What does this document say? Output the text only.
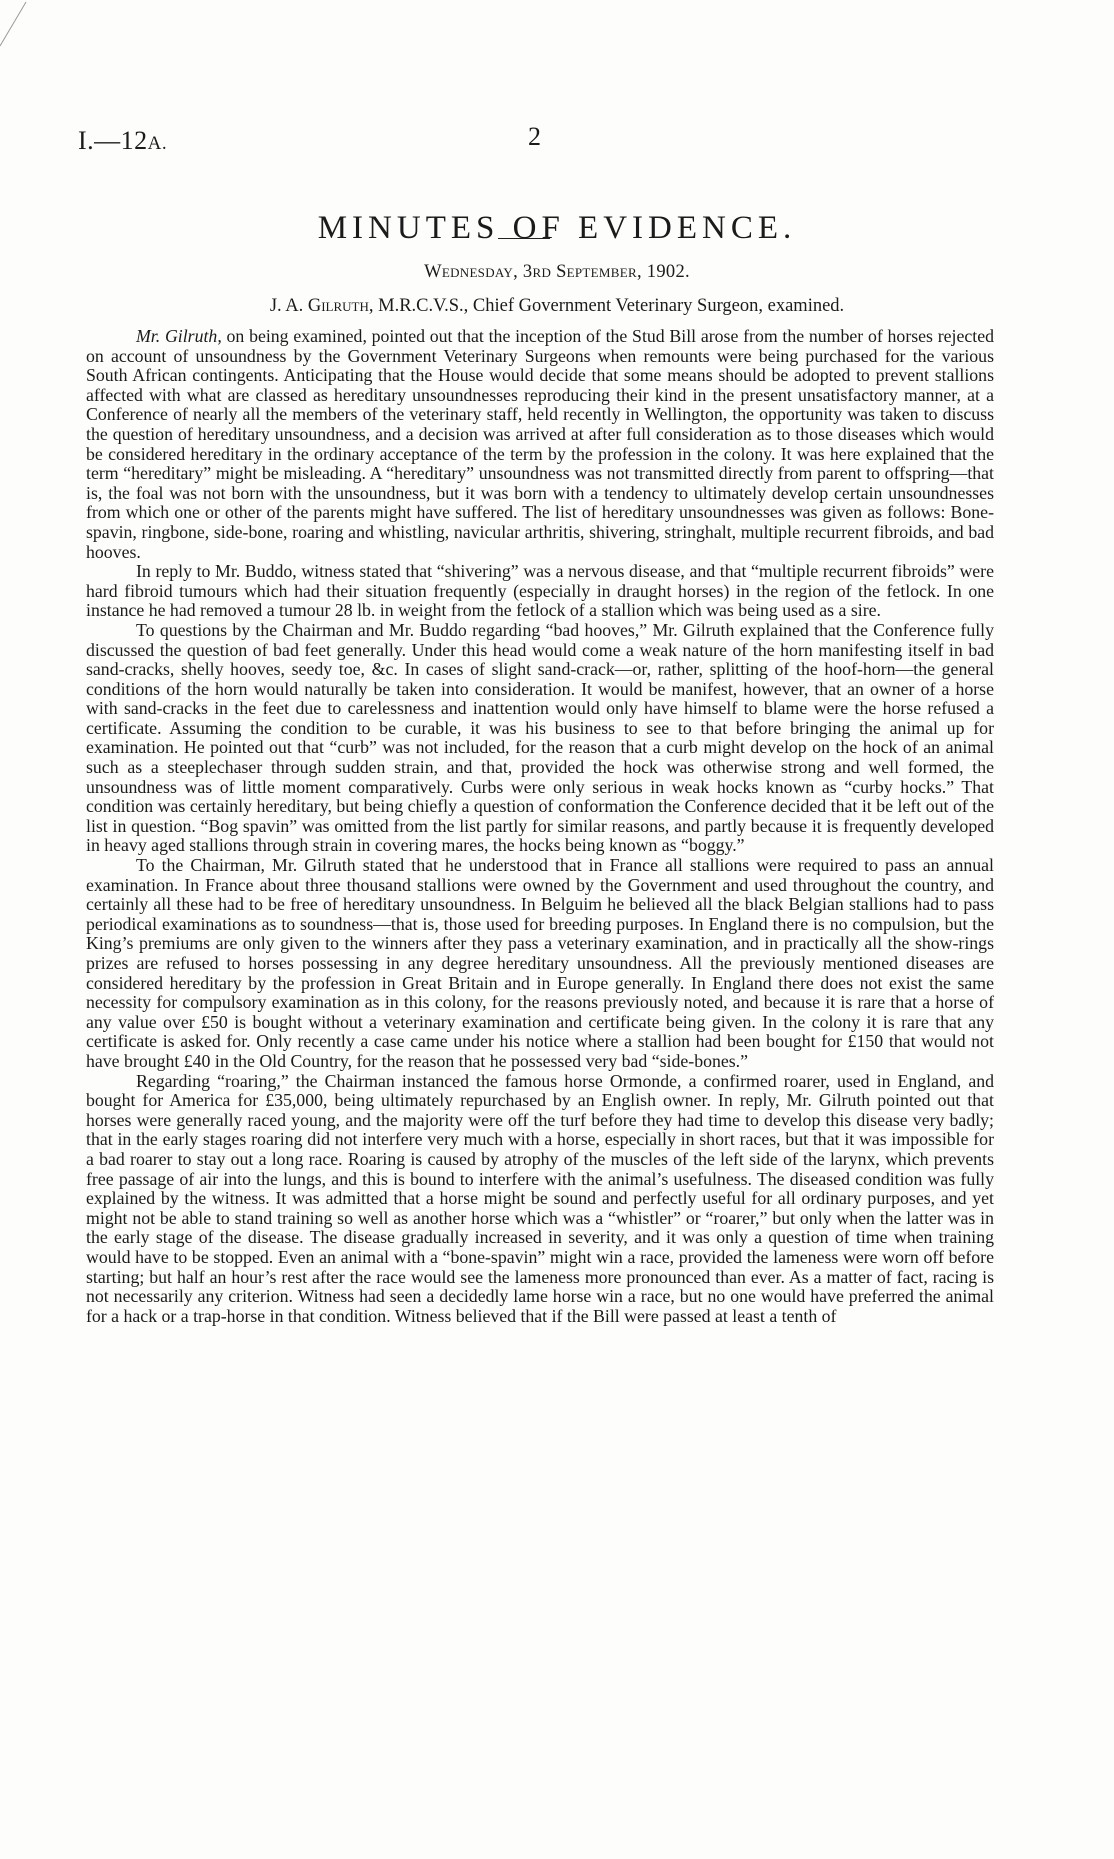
I.—12A.	2
MINUTES OF EVIDENCE.
Wednesday, 3rd September, 1902.
J. A. Gilruth, M.R.C.V.S., Chief Government Veterinary Surgeon, examined.

Mr. Gilruth, on being examined, pointed out that the inception of the Stud Bill arose from the number of horses rejected on account of unsoundness by the Government Veterinary Surgeons when remounts were being purchased for the various South African contingents. Anticipating that the House would decide that some means should be adopted to prevent stallions affected with what are classed as hereditary unsoundnesses reproducing their kind in the present unsatisfactory manner, at a Conference of nearly all the members of the veterinary staff, held recently in Wellington, the opportunity was taken to discuss the question of hereditary unsoundness, and a decision was arrived at after full consideration as to those diseases which would be considered hereditary in the ordinary acceptance of the term by the profession in the colony. It was here explained that the term “hereditary” might be misleading. A “hereditary” unsoundness was not transmitted directly from parent to offspring—that is, the foal was not born with the unsoundness, but it was born with a tendency to ultimately develop certain unsoundnesses from which one or other of the parents might have suffered. The list of hereditary unsoundnesses was given as follows: Bone-spavin, ringbone, side-bone, roaring and whistling, navicular arthritis, shivering, stringhalt, multiple recurrent fibroids, and bad hooves.

In reply to Mr. Buddo, witness stated that “shivering” was a nervous disease, and that “multiple recurrent fibroids” were hard fibroid tumours which had their situation frequently (especially in draught horses) in the region of the fetlock. In one instance he had removed a tumour 28 lb. in weight from the fetlock of a stallion which was being used as a sire.

To questions by the Chairman and Mr. Buddo regarding “bad hooves,” Mr. Gilruth explained that the Conference fully discussed the question of bad feet generally. Under this head would come a weak nature of the horn manifesting itself in bad sand-cracks, shelly hooves, seedy toe, &c. In cases of slight sand-crack—or, rather, splitting of the hoof-horn—the general conditions of the horn would naturally be taken into consideration. It would be manifest, however, that an owner of a horse with sand-cracks in the feet due to carelessness and inattention would only have himself to blame were the horse refused a certificate. Assuming the condition to be curable, it was his business to see to that before bringing the animal up for examination. He pointed out that “curb” was not included, for the reason that a curb might develop on the hock of an animal such as a steeplechaser through sudden strain, and that, provided the hock was otherwise strong and well formed, the unsoundness was of little moment comparatively. Curbs were only serious in weak hocks known as “curby hocks.” That condition was certainly hereditary, but being chiefly a question of conformation the Conference decided that it be left out of the list in question. “Bog spavin” was omitted from the list partly for similar reasons, and partly because it is frequently developed in heavy aged stallions through strain in covering mares, the hocks being known as “boggy.”

To the Chairman, Mr. Gilruth stated that he understood that in France all stallions were required to pass an annual examination. In France about three thousand stallions were owned by the Government and used throughout the country, and certainly all these had to be free of hereditary unsoundness. In Belguim he believed all the black Belgian stallions had to pass periodical examinations as to soundness—that is, those used for breeding purposes. In England there is no compulsion, but the King’s premiums are only given to the winners after they pass a veterinary examination, and in practically all the show-rings prizes are refused to horses possessing in any degree hereditary unsoundness. All the previously mentioned diseases are considered hereditary by the profession in Great Britain and in Europe generally. In England there does not exist the same necessity for compulsory examination as in this colony, for the reasons previously noted, and because it is rare that a horse of any value over £50 is bought without a veterinary examination and certificate being given. In the colony it is rare that any certificate is asked for. Only recently a case came under his notice where a stallion had been bought for £150 that would not have brought £40 in the Old Country, for the reason that he possessed very bad “side-bones.”

Regarding “roaring,” the Chairman instanced the famous horse Ormonde, a confirmed roarer, used in England, and bought for America for £35,000, being ultimately repurchased by an English owner. In reply, Mr. Gilruth pointed out that horses were generally raced young, and the majority were off the turf before they had time to develop this disease very badly; that in the early stages roaring did not interfere very much with a horse, especially in short races, but that it was impossible for a bad roarer to stay out a long race. Roaring is caused by atrophy of the muscles of the left side of the larynx, which prevents free passage of air into the lungs, and this is bound to interfere with the animal’s usefulness. The diseased condition was fully explained by the witness. It was admitted that a horse might be sound and perfectly useful for all ordinary purposes, and yet might not be able to stand training so well as another horse which was a “whistler” or “roarer,” but only when the latter was in the early stage of the disease. The disease gradually increased in severity, and it was only a question of time when training would have to be stopped. Even an animal with a “bone-spavin” might win a race, provided the lameness were worn off before starting; but half an hour’s rest after the race would see the lameness more pronounced than ever. As a matter of fact, racing is not necessarily any criterion. Witness had seen a decidedly lame horse win a race, but no one would have preferred the animal for a hack or a trap-horse in that condition. Witness believed that if the Bill were passed at least a tenth of
